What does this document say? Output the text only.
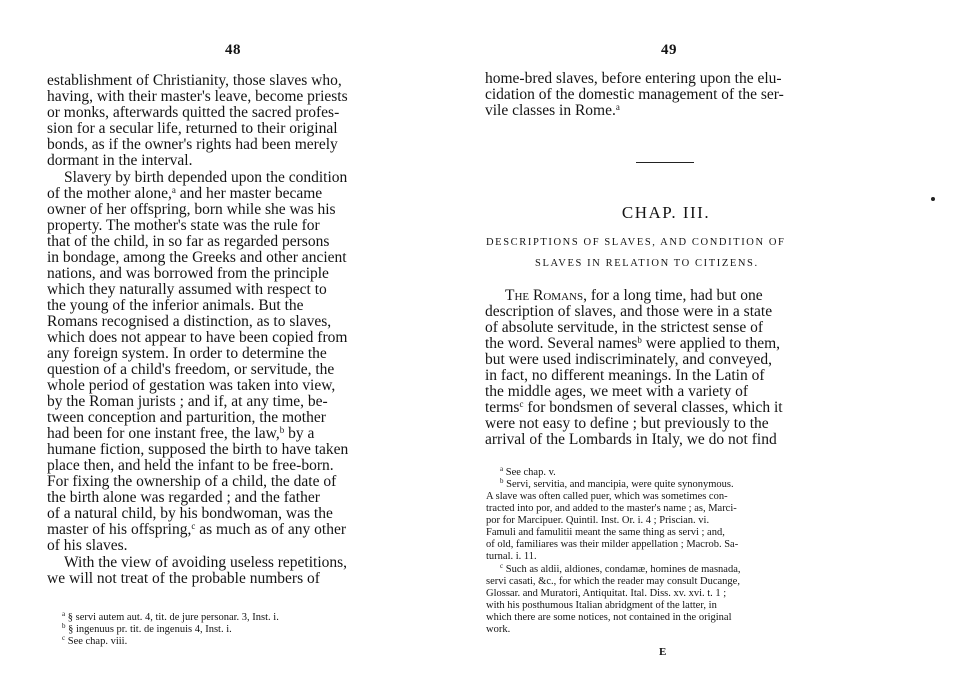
48
establishment of Christianity, those slaves who,
having, with their master's leave, become priests
or monks, afterwards quitted the sacred profes-
sion for a secular life, returned to their original
bonds, as if the owner's rights had been merely
dormant in the interval.
Slavery by birth depended upon the condition
of the mother alone,$^a$ and her master became
owner of her offspring, born while she was his
property. The mother's state was the rule for
that of the child, in so far as regarded persons
in bondage, among the Greeks and other ancient
nations, and was borrowed from the principle
which they naturally assumed with respect to
the young of the inferior animals. But the
Romans recognised a distinction, as to slaves,
which does not appear to have been copied from
any foreign system. In order to determine the
question of a child's freedom, or servitude, the
whole period of gestation was taken into view,
by the Roman jurists ; and if, at any time, be-
tween conception and parturition, the mother
had been for one instant free, the law,$^b$ by a
humane fiction, supposed the birth to have taken
place then, and held the infant to be free-born.
For fixing the ownership of a child, the date of
the birth alone was regarded ; and the father
of a natural child, by his bondwoman, was the
master of his offspring,$^c$ as much as of any other
of his slaves.
With the view of avoiding useless repetitions,
we will not treat of the probable numbers of
$^a$ § servi autem aut. 4, tit. de jure personar. 3, Inst. i.
$^b$ § ingenuus pr. tit. de ingenuis 4, Inst. i.
$^c$ See chap. viii.
49
home-bred slaves, before entering upon the elu-
cidation of the domestic management of the ser-
vile classes in Rome.$^a$
CHAP. III.
DESCRIPTIONS OF SLAVES, AND CONDITION OF
SLAVES IN RELATION TO CITIZENS.
The Romans, for a long time, had but one
description of slaves, and those were in a state
of absolute servitude, in the strictest sense of
the word. Several names$^b$ were applied to them,
but were used indiscriminately, and conveyed,
in fact, no different meanings. In the Latin of
the middle ages, we meet with a variety of
terms$^c$ for bondsmen of several classes, which it
were not easy to define ; but previously to the
arrival of the Lombards in Italy, we do not find
$^a$ See chap. v.
$^b$ Servi, servitia, and mancipia, were quite synonymous.
A slave was often called puer, which was sometimes con-
tracted into por, and added to the master's name ; as, Marci-
por for Marcipuer. Quintil. Inst. Or. i. 4 ; Priscian. vi.
Famuli and famulitii meant the same thing as servi ; and,
of old, familiares was their milder appellation ; Macrob. Sa-
turnal. i. 11.
$^c$ Such as aldii, aldiones, condamæ, homines de masnada,
servi casati, &c., for which the reader may consult Ducange,
Glossar. and Muratori, Antiquitat. Ital. Diss. xv. xvi. t. 1 ;
with his posthumous Italian abridgment of the latter, in
which there are some notices, not contained in the original
work.
E
